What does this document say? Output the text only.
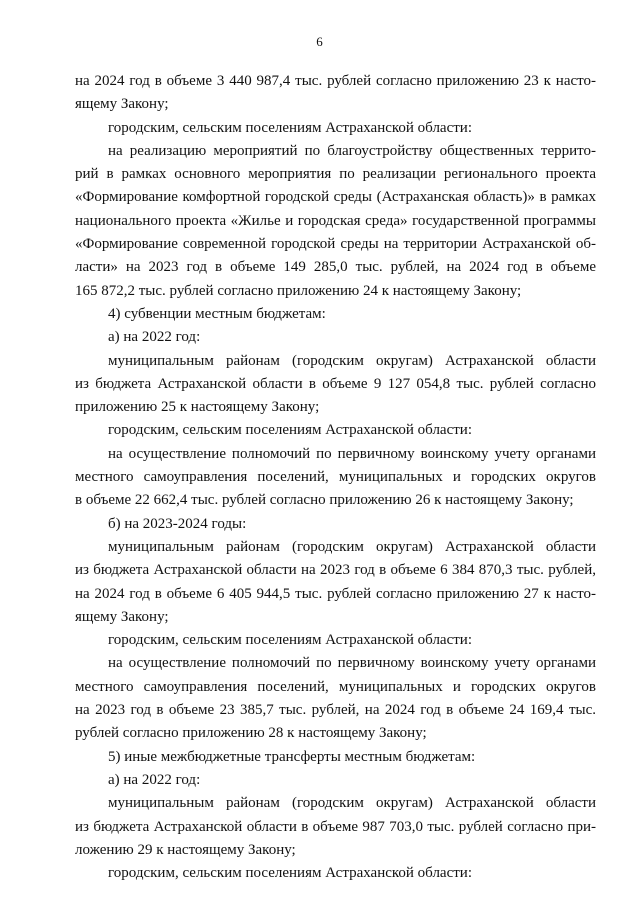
6
на 2024 год в объеме 3 440 987,4 тыс. рублей согласно приложению 23 к насто-
ящему Закону;
городским, сельским поселениям Астраханской области:
на реализацию мероприятий по благоустройству общественных террито-
рий в рамках основного мероприятия по реализации регионального проекта
«Формирование комфортной городской среды (Астраханская область)» в рамках
национального проекта «Жилье и городская среда» государственной программы
«Формирование современной городской среды на территории Астраханской об-
ласти» на 2023 год в объеме 149 285,0 тыс. рублей, на 2024 год в объеме
165 872,2 тыс. рублей согласно приложению 24 к настоящему Закону;
4) субвенции местным бюджетам:
а) на 2022 год:
муниципальным районам (городским округам) Астраханской области
из бюджета Астраханской области в объеме 9 127 054,8 тыс. рублей согласно
приложению 25 к настоящему Закону;
городским, сельским поселениям Астраханской области:
на осуществление полномочий по первичному воинскому учету органами
местного самоуправления поселений, муниципальных и городских округов
в объеме 22 662,4 тыс. рублей согласно приложению 26 к настоящему Закону;
б) на 2023-2024 годы:
муниципальным районам (городским округам) Астраханской области
из бюджета Астраханской области на 2023 год в объеме 6 384 870,3 тыс. рублей,
на 2024 год в объеме 6 405 944,5 тыс. рублей согласно приложению 27 к насто-
ящему Закону;
городским, сельским поселениям Астраханской области:
на осуществление полномочий по первичному воинскому учету органами
местного самоуправления поселений, муниципальных и городских округов
на 2023 год в объеме 23 385,7 тыс. рублей, на 2024 год в объеме 24 169,4 тыс.
рублей согласно приложению 28 к настоящему Закону;
5) иные межбюджетные трансферты местным бюджетам:
а) на 2022 год:
муниципальным районам (городским округам) Астраханской области
из бюджета Астраханской области в объеме 987 703,0 тыс. рублей согласно при-
ложению 29 к настоящему Закону;
городским, сельским поселениям Астраханской области:
